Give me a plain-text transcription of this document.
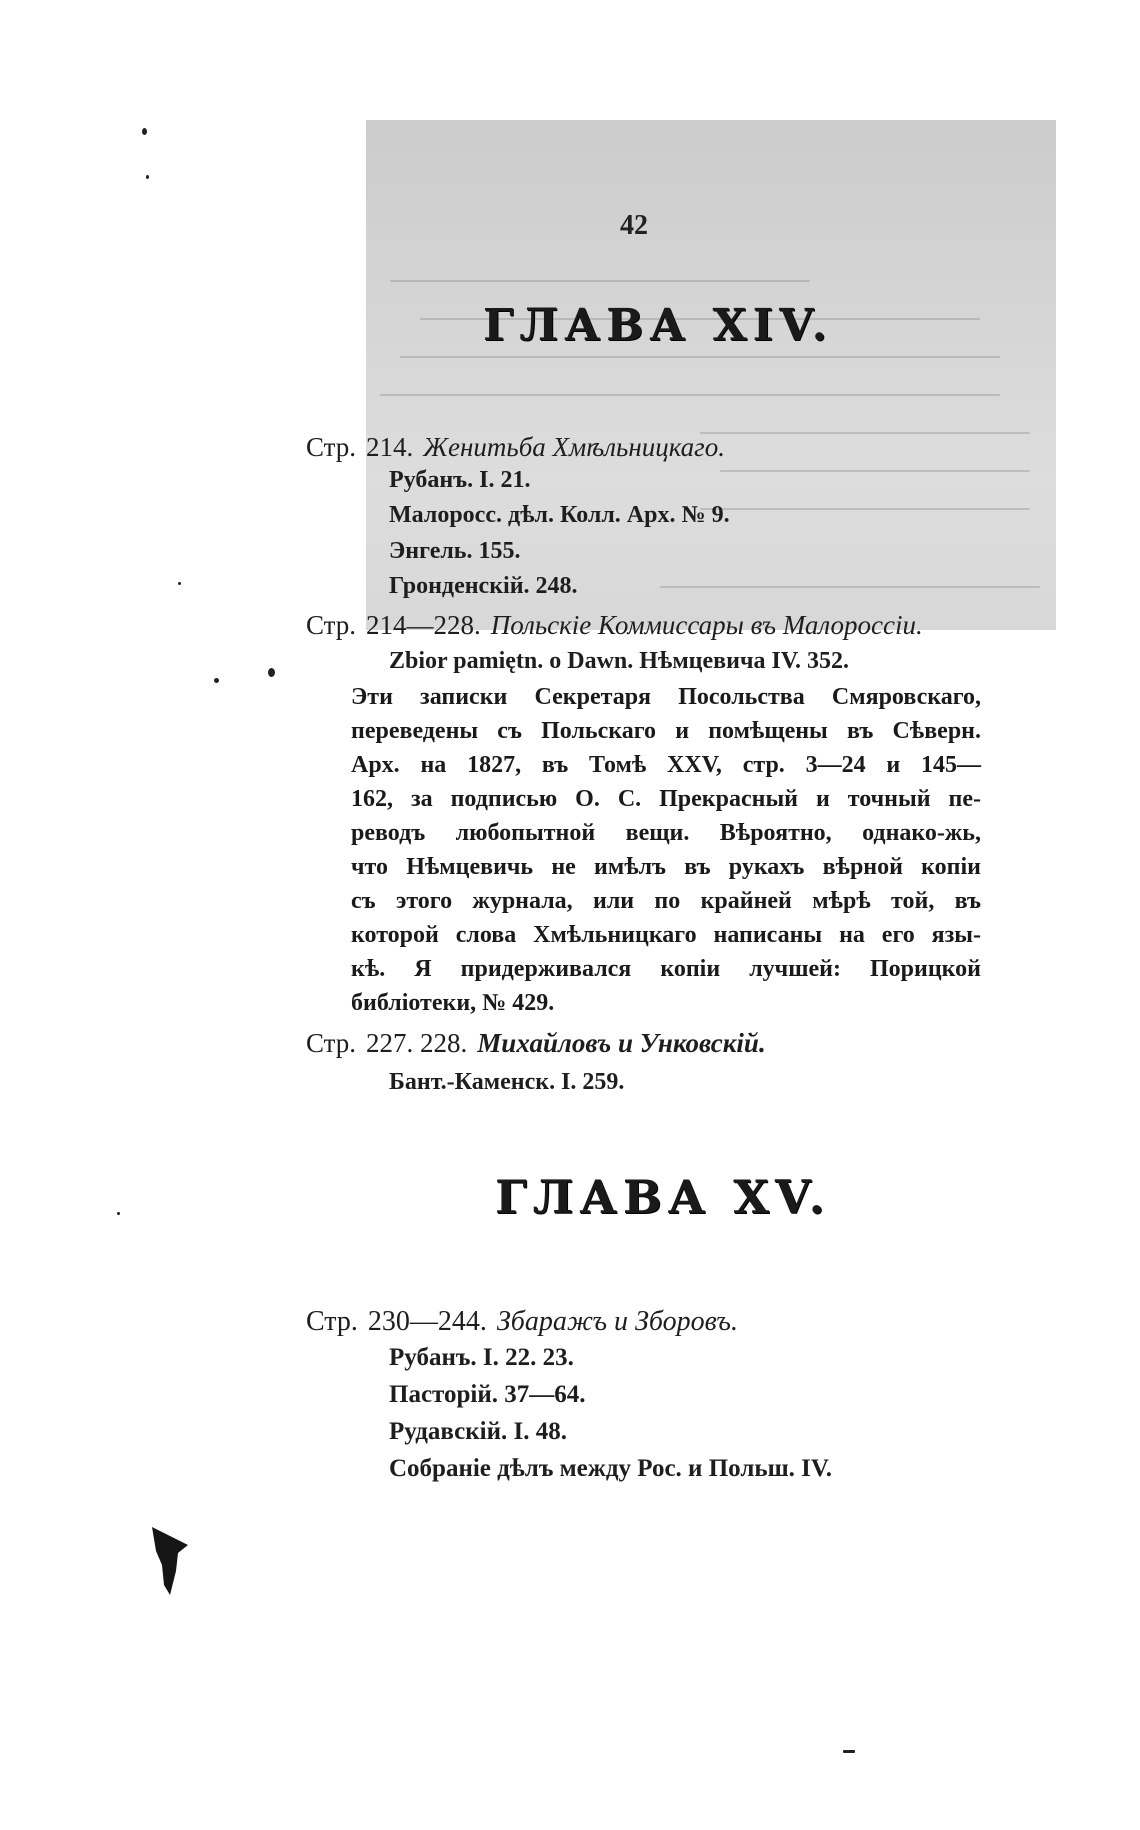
42
ГЛАВА XIV.
Стр. 214. Женитьба Хмѣльницкаго.
Рубанъ. I. 21.
Малоросс. дѣл. Колл. Арх. № 9.
Энгель. 155.
Гронденскій. 248.
Стр. 214—228. Польскіе Коммиссары въ Малороссіи.
Zbior pamiętn. o Dawn. Нѣмцевича IV. 352.
Эти записки Секретаря Посольства Смяровскаго,
переведены съ Польскаго и помѣщены въ Сѣверн.
Арх. на 1827, въ Томѣ XXV, стр. 3—24 и 145—
162, за подписью О. С. Прекрасный и точный пе-
реводъ любопытной вещи. Вѣроятно, однако-жь,
что Нѣмцевичь не имѣлъ въ рукахъ вѣрной копіи
съ этого журнала, или по крайней мѣрѣ той, въ
которой слова Хмѣльницкаго написаны на его язы-
кѣ. Я придерживался копіи лучшей: Порицкой
библіотеки, № 429.
Стр. 227. 228. Михайловъ и Унковскій.
Бант.-Каменск. I. 259.
ГЛАВА XV.
Стр. 230—244. Збаражъ и Зборовъ.
Рубанъ. I. 22. 23.
Пасторій. 37—64.
Рудавскій. I. 48.
Собраніе дѣлъ между Рос. и Польш. IV.
